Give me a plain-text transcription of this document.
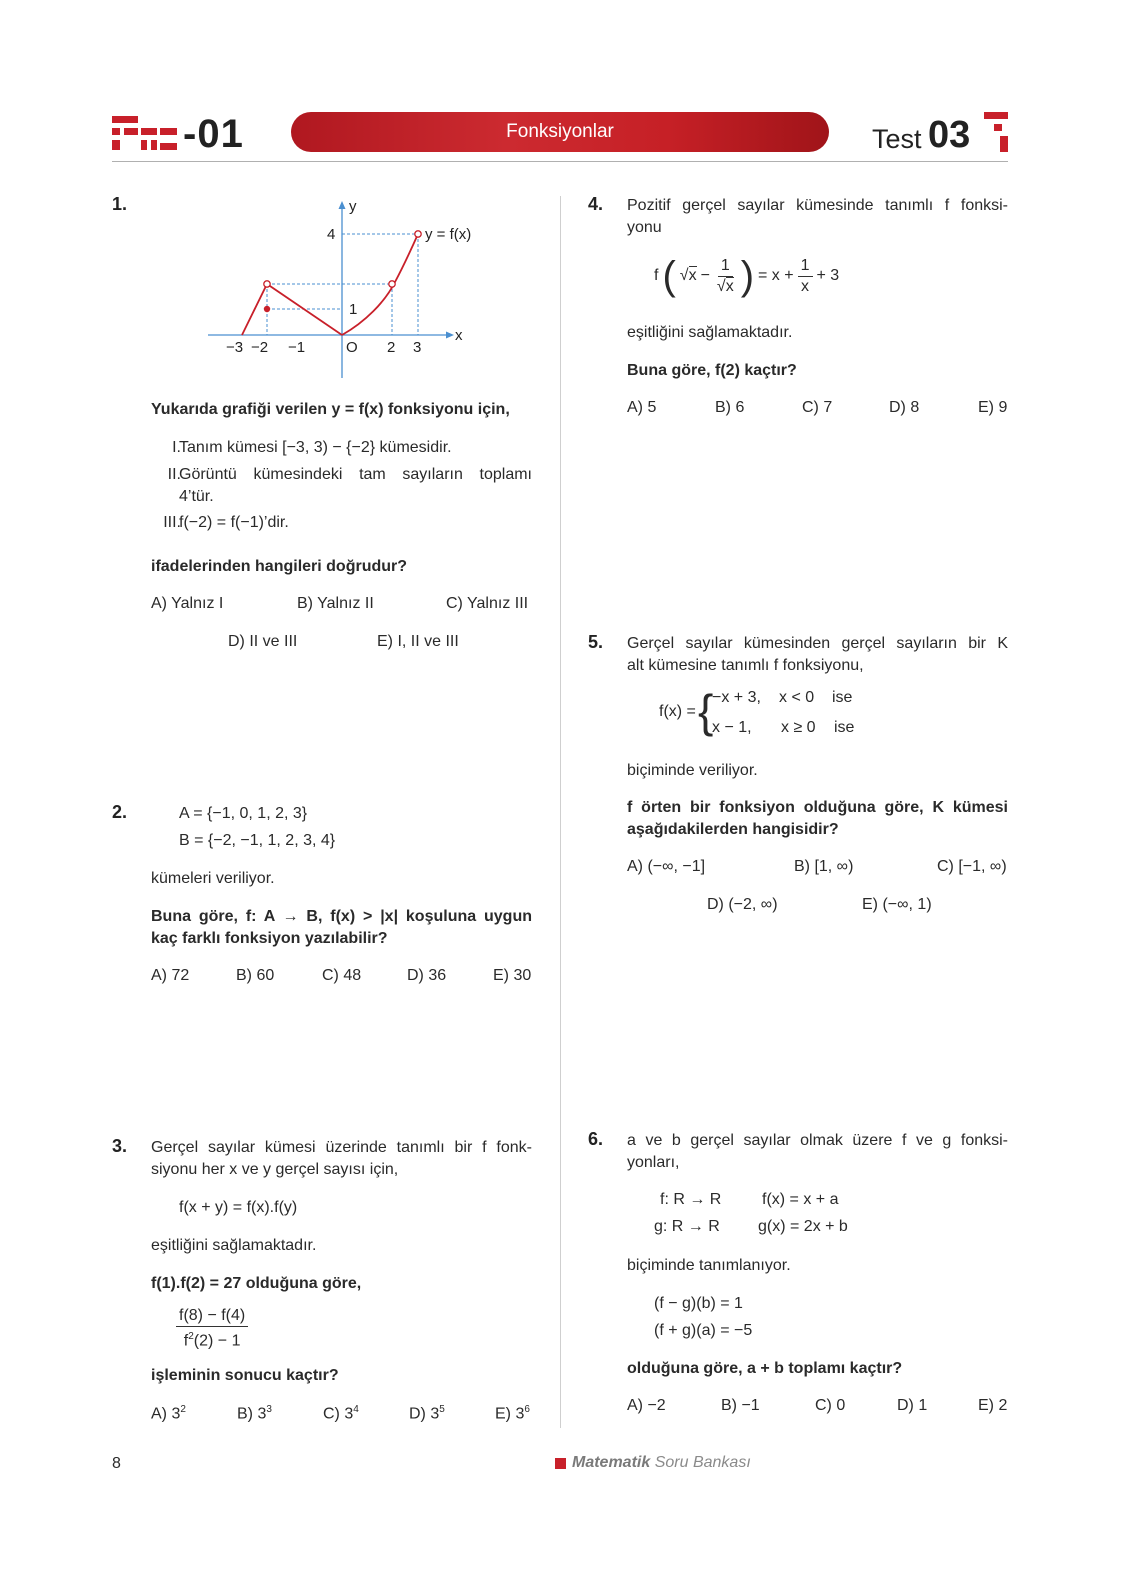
-01	Fonksiyonlar	Test 03
1.	y
x
y = f(x)
4
1
−3 −2 −1	O 2 3
Yukarıda grafiği verilen y = f(x) fonksiyonu için,
I.
Tanım kümesi [−3, 3) − {−2} kümesidir.
II.
Görüntü kümesindeki tam sayıların toplamı
4’tür.
III.
f(−2) = f(−1)’dir.
ifadelerinden hangileri doğrudur?
A) Yalnız I	B) Yalnız II	C) Yalnız III
D) II ve III	E) I, II ve III
2.	A = {−1, 0, 1, 2, 3}
B = {−2, −1, 1, 2, 3, 4}
kümeleri veriliyor.
Buna göre, f: A → B, f(x) > |x| koşuluna uygun
kaç farklı fonksiyon yazılabilir?
A) 72	B) 60	C) 48	D) 36	E) 30
3. Gerçel sayılar kümesi üzerinde tanımlı bir f fonk-
siyonu her x ve y gerçel sayısı için,
f(x + y) = f(x).f(y)
eşitliğini sağlamaktadır.
f(1).f(2) = 27 olduğuna göre,
$\frac{f(8) - f(4)}{f^2(2) - 1}$
işleminin sonucu kaçtır?
A) $3^2$	B) $3^3$	C) $3^4$	D) $3^5$	E) $3^6$
4. Pozitif gerçel sayılar kümesinde tanımlı f fonksi-
yonu
f ( $√x - \frac{1}{√x}$ ) = $x + \frac{1}{x} + 3$
eşitliğini sağlamaktadır.
Buna göre, f(2) kaçtır?
A) 5	B) 6	C) 7	D) 8	E) 9
5. Gerçel sayılar kümesinden gerçel sayıların bir K
alt kümesine tanımlı f fonksiyonu,
f(x) = {
−x + 3, x < 0 ise
x − 1, x ≥ 0 ise
biçiminde veriliyor.
f örten bir fonksiyon olduğuna göre, K kümesi
aşağıdakilerden hangisidir?
A) (−∞, −1]	B) [1, ∞)	C) [−1, ∞)
D) (−2, ∞)	E) (−∞, 1)
6. a ve b gerçel sayılar olmak üzere f ve g fonksi-
yonları,
f: R → R	f(x) = x + a
g: R → R g(x) = 2x + b
biçiminde tanımlanıyor.
(f − g)(b) = 1
(f + g)(a) = −5
olduğuna göre, a + b toplamı kaçtır?
A) −2	B) −1	C) 0	D) 1	E) 2
8	Matematik Soru Bankası
